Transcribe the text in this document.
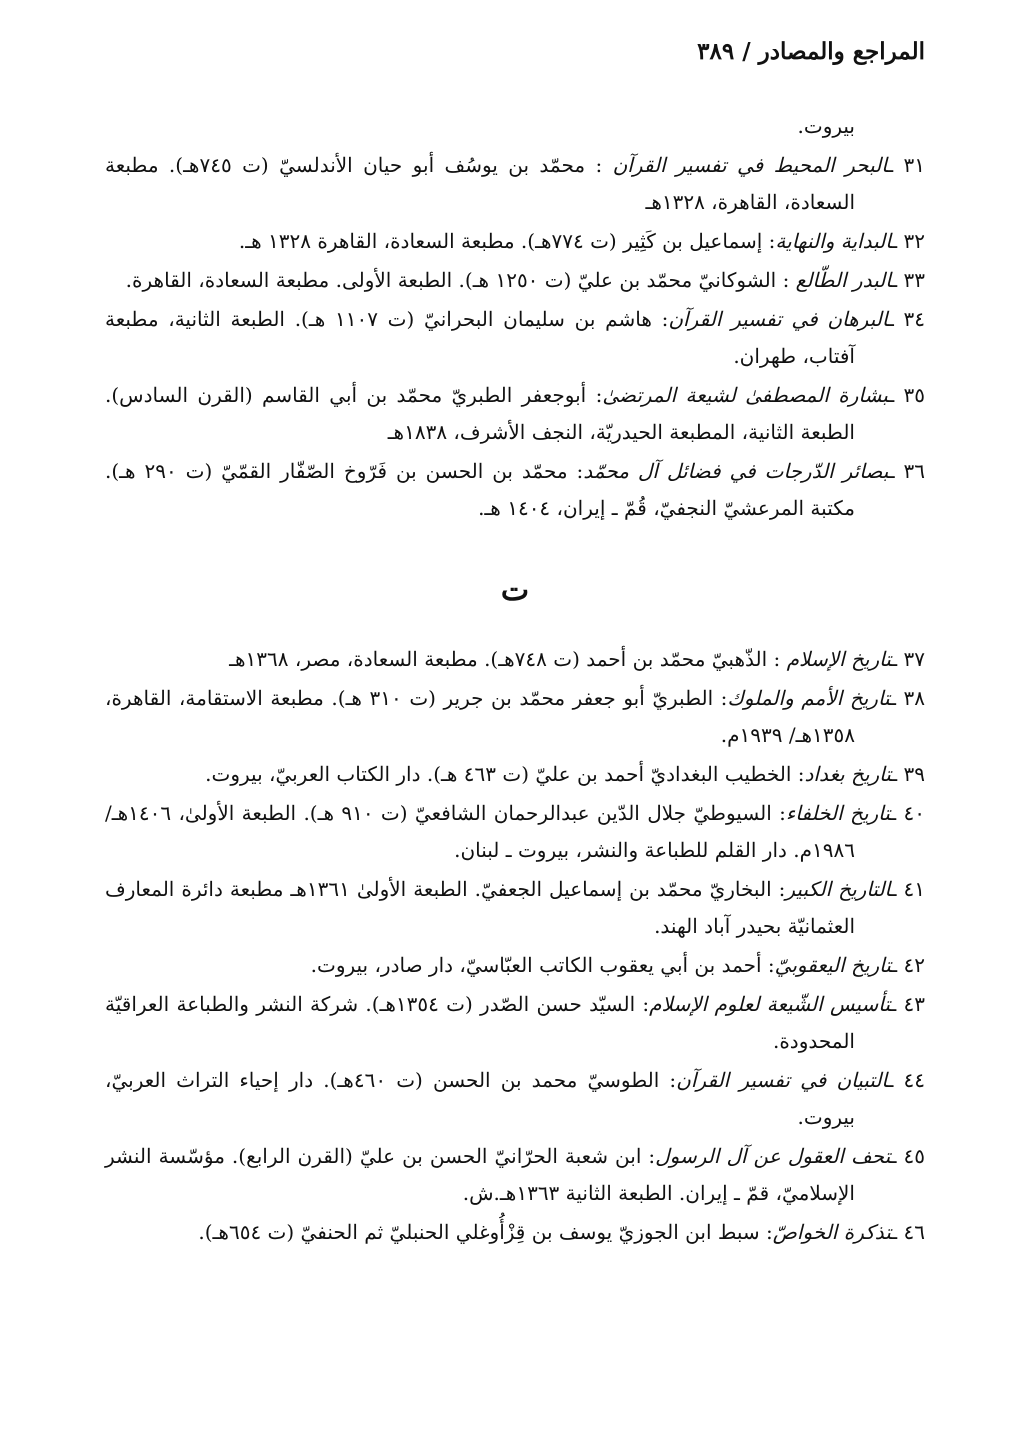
المراجع والمصادر / ٣٨٩

بيروت.

٣١ ـالبحر المحيط في تفسير القرآن : محمّد بن يوسُف أبو حيان الأندلسيّ (ت ٧٤٥هـ). مطبعة السعادة، القاهرة، ١٣٢٨هـ

٣٢ ـالبداية والنهاية: إسماعيل بن كَثِير (ت ٧٧٤هـ). مطبعة السعادة، القاهرة ١٣٢٨ هـ.

٣٣ ـالبدر الطّالع : الشوكانيّ محمّد بن عليّ (ت ١٢٥٠ هـ). الطبعة الأولى. مطبعة السعادة، القاهرة.

٣٤ ـالبرهان في تفسير القرآن: هاشم بن سليمان البحرانيّ (ت ١١٠٧ هـ). الطبعة الثانية، مطبعة آفتاب، طهران.

٣٥ ـبشارة المصطفىٰ لشيعة المرتضىٰ: أبوجعفر الطبريّ محمّد بن أبي القاسم (القرن السادس). الطبعة الثانية، المطبعة الحيدريّة، النجف الأشرف، ١٨٣٨هـ

٣٦ ـبصائر الدّرجات في فضائل آل محمّد: محمّد بن الحسن بن فَرّوخ الصّفّار القمّيّ (ت ٢٩٠ هـ). مكتبة المرعشيّ النجفيّ، قُمّ ـ إيران، ١٤٠٤ هـ.

ت

٣٧ ـتاريخ الإسلام : الذّهبيّ محمّد بن أحمد (ت ٧٤٨هـ). مطبعة السعادة، مصر، ١٣٦٨هـ

٣٨ ـتاريخ الأمم والملوك: الطبريّ أبو جعفر محمّد بن جرير (ت ٣١٠ هـ). مطبعة الاستقامة، القاهرة، ١٣٥٨هـ/ ١٩٣٩م.

٣٩ ـتاريخ بغداد: الخطيب البغداديّ أحمد بن عليّ (ت ٤٦٣ هـ). دار الكتاب العربيّ، بيروت.

٤٠ ـتاريخ الخلفاء: السيوطيّ جلال الدّين عبدالرحمان الشافعيّ (ت ٩١٠ هـ). الطبعة الأولىٰ، ١٤٠٦هـ/ ١٩٨٦م. دار القلم للطباعة والنشر، بيروت ـ لبنان.

٤١ ـالتاريخ الكبير: البخاريّ محمّد بن إسماعيل الجعفيّ. الطبعة الأولىٰ ١٣٦١هـ مطبعة دائرة المعارف العثمانيّة بحيدر آباد الهند.

٤٢ ـتاريخ اليعقوبيّ: أحمد بن أبي يعقوب الكاتب العبّاسيّ، دار صادر، بيروت.

٤٣ ـتأسيس الشّيعة لعلوم الإسلام: السيّد حسن الصّدر (ت ١٣٥٤هـ). شركة النشر والطباعة العراقيّة المحدودة.

٤٤ ـالتبيان في تفسير القرآن: الطوسيّ محمد بن الحسن (ت ٤٦٠هـ). دار إحياء التراث العربيّ، بيروت.

٤٥ ـتحف العقول عن آل الرسول: ابن شعبة الحرّانيّ الحسن بن عليّ (القرن الرابع). مؤسّسة النشر الإسلاميّ، قمّ ـ إيران. الطبعة الثانية ١٣٦٣هـ.ش.

٤٦ ـتذكرة الخواصّ: سبط ابن الجوزيّ يوسف بن قِزْأُوغلي الحنبليّ ثم الحنفيّ (ت ٦٥٤هـ).
